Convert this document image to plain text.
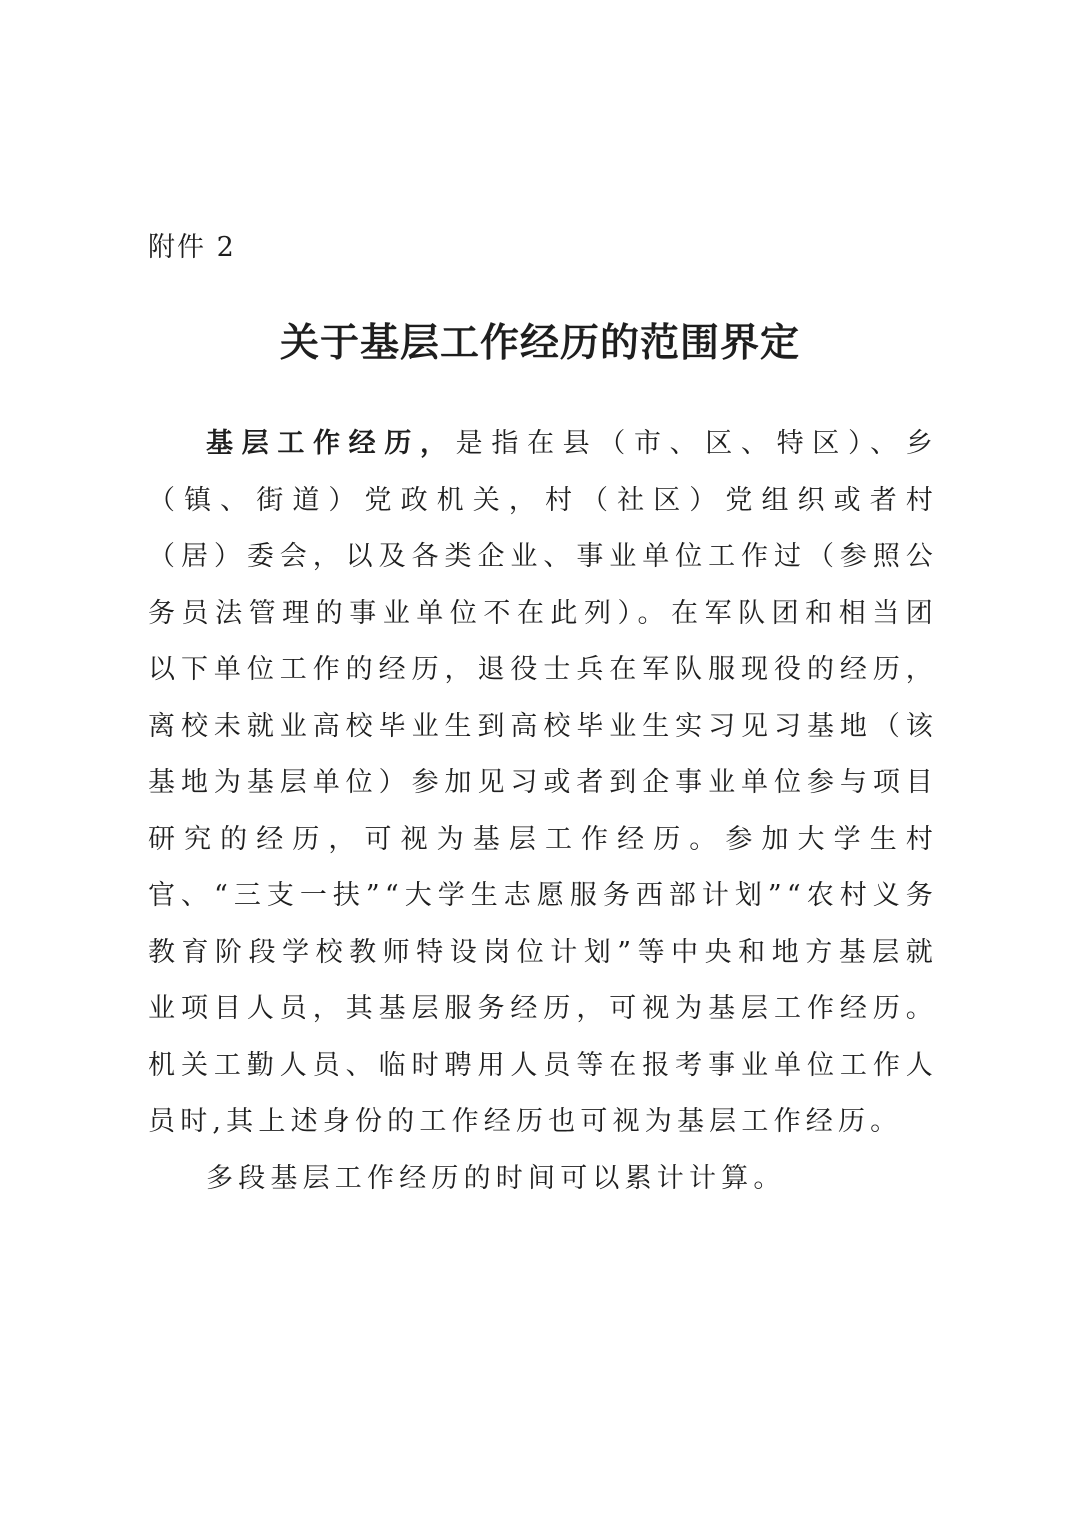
附件 2
关于基层工作经历的范围界定

基层工作经历，是指在县（市、区、特区）、乡（镇、街道）党政机关，村（社区）党组织或者村（居）委会，以及各类企业、事业单位工作过（参照公务员法管理的事业单位不在此列）。在军队团和相当团以下单位工作的经历，退役士兵在军队服现役的经历，离校未就业高校毕业生到高校毕业生实习见习基地（该基地为基层单位）参加见习或者到企事业单位参与项目研究的经历，可视为基层工作经历。参加大学生村官、“三支一扶”“大学生志愿服务西部计划”“农村义务教育阶段学校教师特设岗位计划”等中央和地方基层就业项目人员，其基层服务经历，可视为基层工作经历。机关工勤人员、临时聘用人员等在报考事业单位工作人员时,其上述身份的工作经历也可视为基层工作经历。

多段基层工作经历的时间可以累计计算。
